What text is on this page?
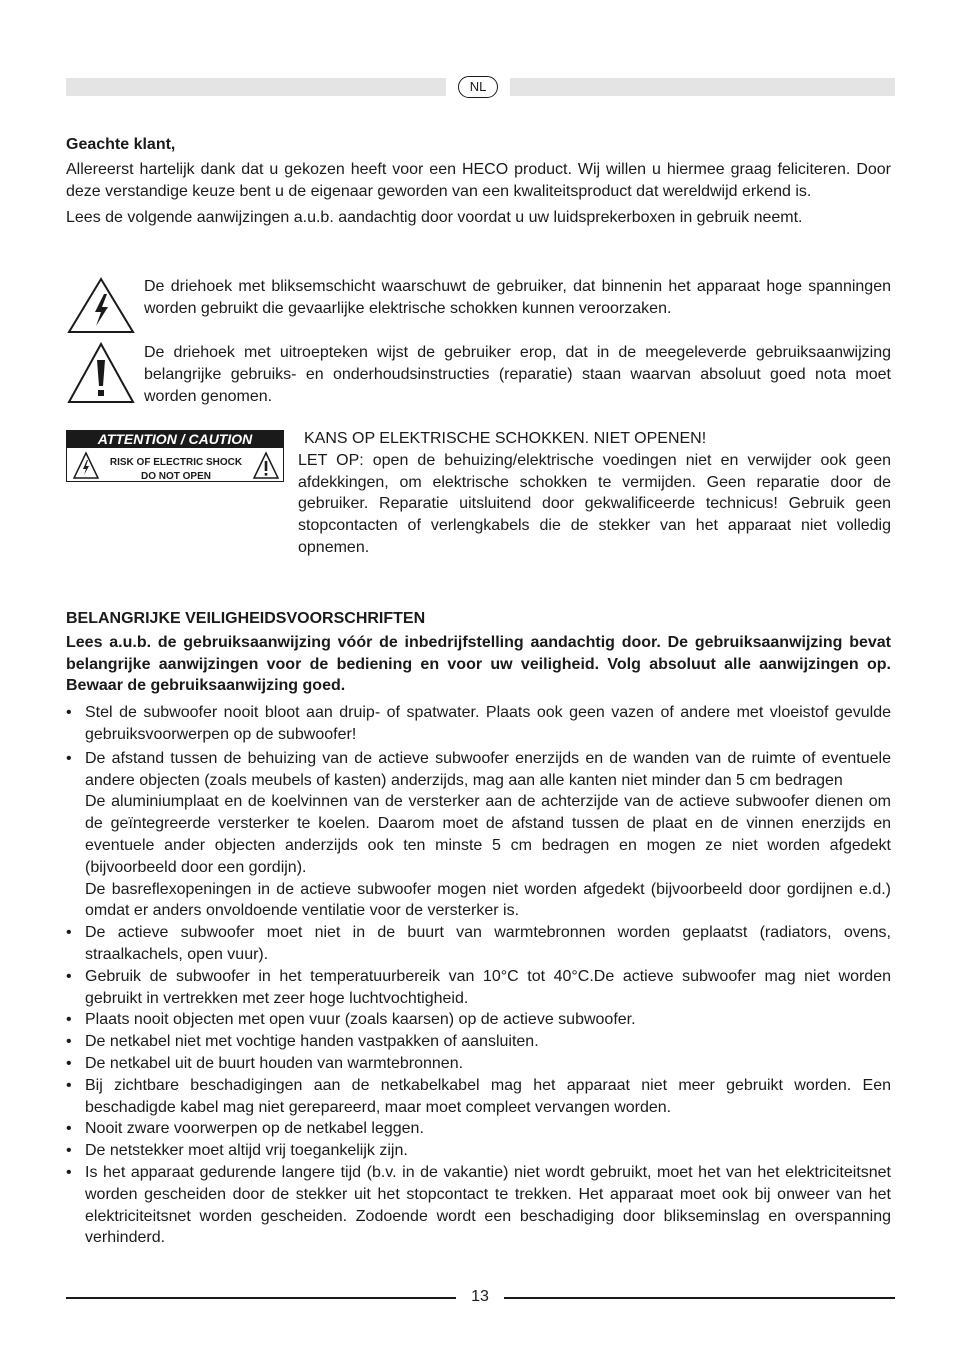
NL

Geachte klant,

Allereerst hartelijk dank dat u gekozen heeft voor een HECO product. Wij willen u hiermee graag feliciteren. Door deze verstandige keuze bent u de eigenaar geworden van een kwaliteitsproduct dat wereldwijd erkend is.

Lees de volgende aanwijzingen a.u.b. aandachtig door voordat u uw luidsprekerboxen in gebruik neemt.

De driehoek met bliksemschicht waarschuwt de gebruiker, dat binnenin het apparaat hoge spanningen worden gebruikt die gevaarlijke elektrische schokken kunnen veroorzaken.

De driehoek met uitroepteken wijst de gebruiker erop, dat in de meegeleverde gebruiksaanwijzing belangrijke gebruiks- en onderhoudsinstructies (reparatie) staan waarvan absoluut goed nota moet worden genomen.

ATTENTION / CAUTION
RISK OF ELECTRIC SHOCK
DO NOT OPEN

KANS OP ELEKTRISCHE SCHOKKEN. NIET OPENEN!

LET OP: open de behuizing/elektrische voedingen niet en verwijder ook geen afdekkingen, om elektrische schokken te vermijden. Geen reparatie door de gebruiker. Reparatie uitsluitend door gekwalificeerde technicus! Gebruik geen stopcontacten of verlengkabels die de stekker van het apparaat niet volledig opnemen.

BELANGRIJKE VEILIGHEIDSVOORSCHRIFTEN

Lees a.u.b. de gebruiksaanwijzing vóór de inbedrijfstelling aandachtig door. De gebruiksaanwijzing bevat belangrijke aanwijzingen voor de bediening en voor uw veiligheid. Volg absoluut alle aanwijzingen op. Bewaar de gebruiksaanwijzing goed.

• Stel de subwoofer nooit bloot aan druip- of spatwater. Plaats ook geen vazen of andere met vloeistof gevulde gebruiksvoorwerpen op de subwoofer!
• De afstand tussen de behuizing van de actieve subwoofer enerzijds en de wanden van de ruimte of eventuele andere objecten (zoals meubels of kasten) anderzijds, mag aan alle kanten niet minder dan 5 cm bedragen
De aluminiumplaat en de koelvinnen van de versterker aan de achterzijde van de actieve subwoofer dienen om de geïntegreerde versterker te koelen. Daarom moet de afstand tussen de plaat en de vinnen enerzijds en eventuele ander objecten anderzijds ook ten minste 5 cm bedragen en mogen ze niet worden afgedekt (bijvoorbeeld door een gordijn).
De basreflexopeningen in de actieve subwoofer mogen niet worden afgedekt (bijvoorbeeld door gordijnen e.d.) omdat er anders onvoldoende ventilatie voor de versterker is.
• De actieve subwoofer moet niet in de buurt van warmtebronnen worden geplaatst (radiators, ovens, straalkachels, open vuur).
• Gebruik de subwoofer in het temperatuurbereik van 10°C tot 40°C.De actieve subwoofer mag niet worden gebruikt in vertrekken met zeer hoge luchtvochtigheid.
• Plaats nooit objecten met open vuur (zoals kaarsen) op de actieve subwoofer.
• De netkabel niet met vochtige handen vastpakken of aansluiten.
• De netkabel uit de buurt houden van warmtebronnen.
• Bij zichtbare beschadigingen aan de netkabelkabel mag het apparaat niet meer gebruikt worden. Een beschadigde kabel mag niet gerepareerd, maar moet compleet vervangen worden.
• Nooit zware voorwerpen op de netkabel leggen.
• De netstekker moet altijd vrij toegankelijk zijn.
• Is het apparaat gedurende langere tijd (b.v. in de vakantie) niet wordt gebruikt, moet het van het elektriciteitsnet worden gescheiden door de stekker uit het stopcontact te trekken. Het apparaat moet ook bij onweer van het elektriciteitsnet worden gescheiden. Zodoende wordt een beschadiging door blikseminslag en overspanning verhinderd.
13
